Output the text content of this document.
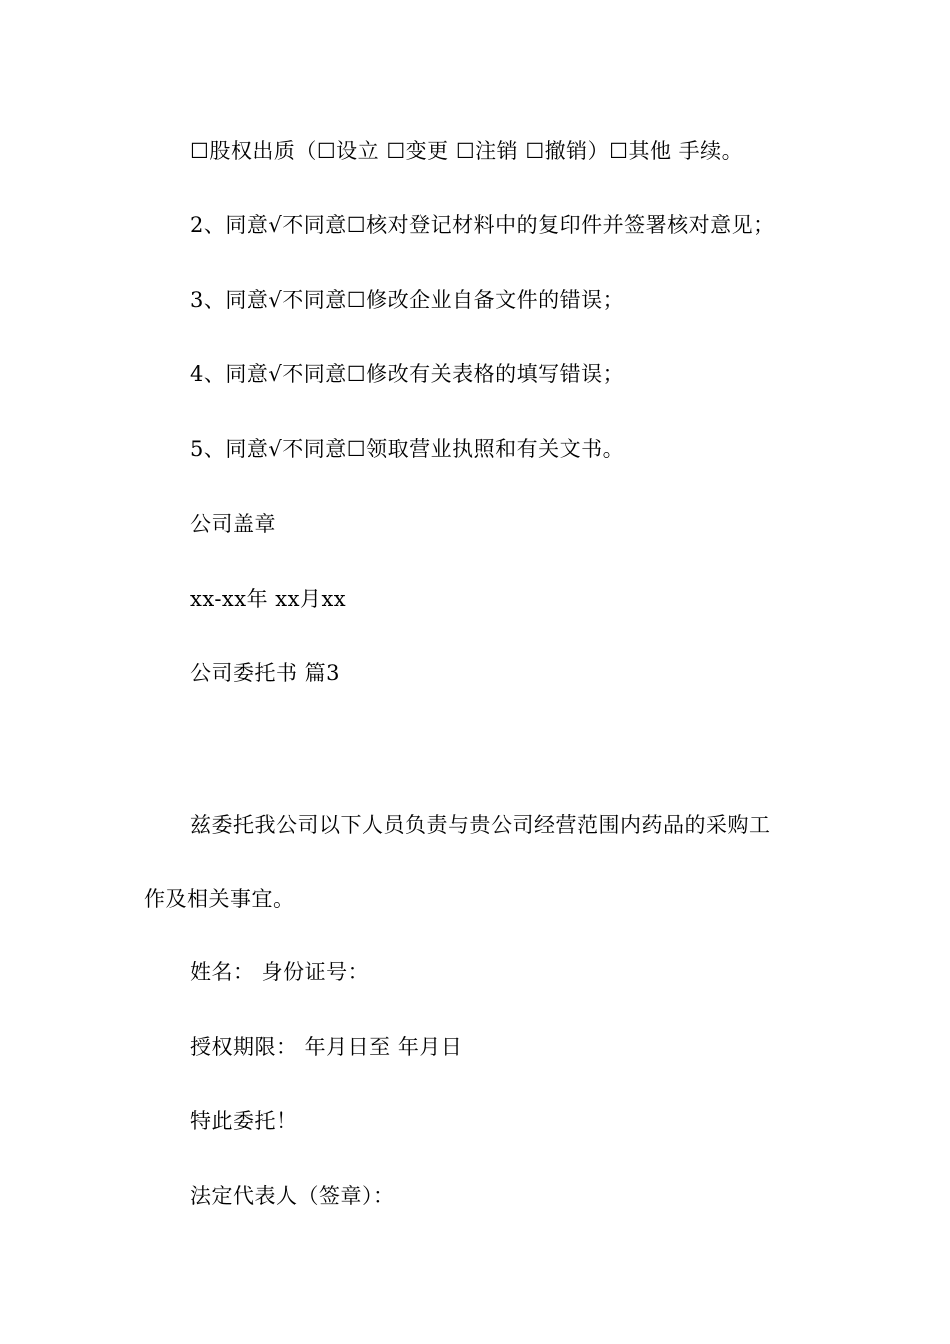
☐股权出质（☐设立 ☐变更 ☐注销 ☐撤销）☐其他 手续。
2、同意√不同意☐核对登记材料中的复印件并签署核对意见；
3、同意√不同意☐修改企业自备文件的错误；
4、同意√不同意☐修改有关表格的填写错误；
5、同意√不同意☐领取营业执照和有关文书。
公司盖章
xx-xx年 xx月xx
公司委托书 篇3
兹委托我公司以下人员负责与贵公司经营范围内药品的采购工
作及相关事宜。
姓名： 身份证号：
授权期限： 年月日至 年月日
特此委托！
法定代表人（签章）：
